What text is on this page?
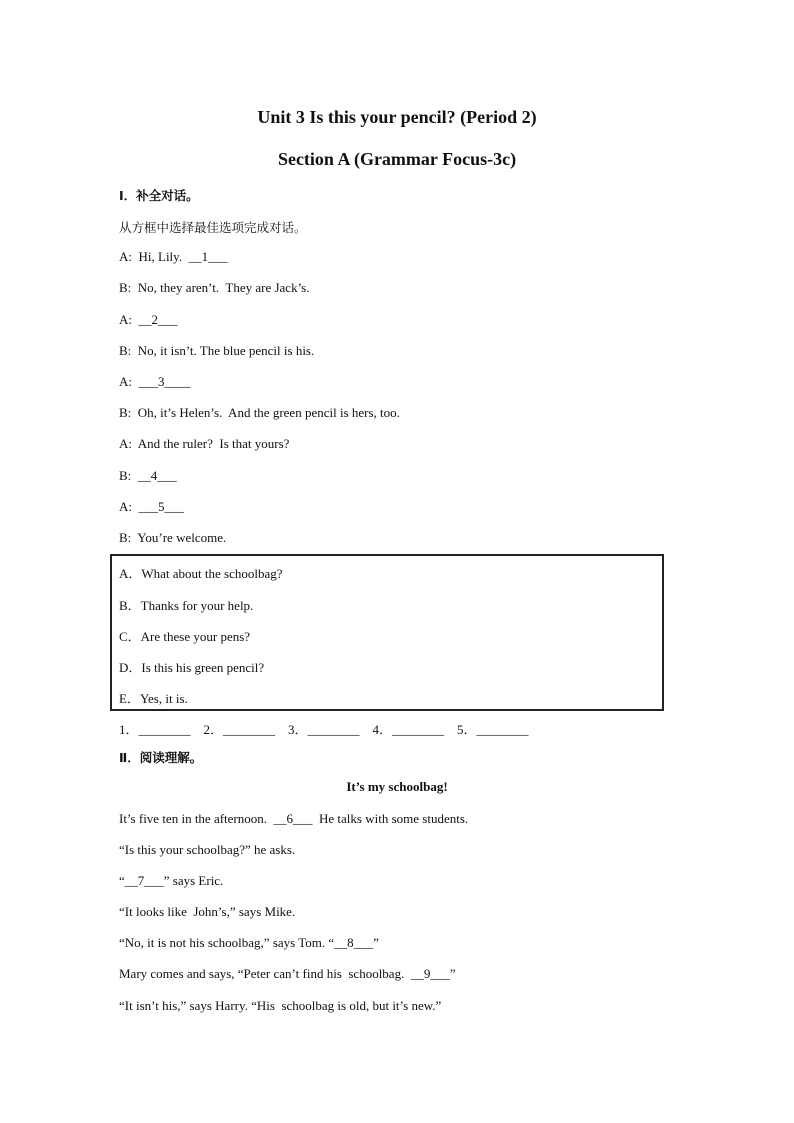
Unit 3 Is this your pencil? (Period 2)
Section A (Grammar Focus-3c)
Ⅰ．补全对话。
从方框中选择最佳选项完成对话。
A:  Hi, Lily.  __1___
B:  No, they aren’t.  They are Jack’s.
A:  __2___
B:  No, it isn’t. The blue pencil is his.
A:  ___3____
B:  Oh, it’s Helen’s.  And the green pencil is hers, too.
A:  And the ruler?  Is that yours?
B:  __4___
A:  ___5___
B:  You’re welcome.
A．What about the schoolbag?
B．Thanks for your help.
C．Are these your pens?
D．Is this his green pencil?
E．Yes, it is.
1．________    2．________    3．________    4．________    5．________
Ⅱ．阅读理解。
It’s my schoolbag!
It’s five ten in the afternoon.  __6___  He talks with some students.
“Is this your schoolbag?” he asks.
“__7___” says Eric.
“It looks like  John’s,” says Mike.
“No, it is not his schoolbag,” says Tom. “__8___”
Mary comes and says, “Peter can’t find his  schoolbag.  __9___”
“It isn’t his,” says Harry. “His  schoolbag is old, but it’s new.”
